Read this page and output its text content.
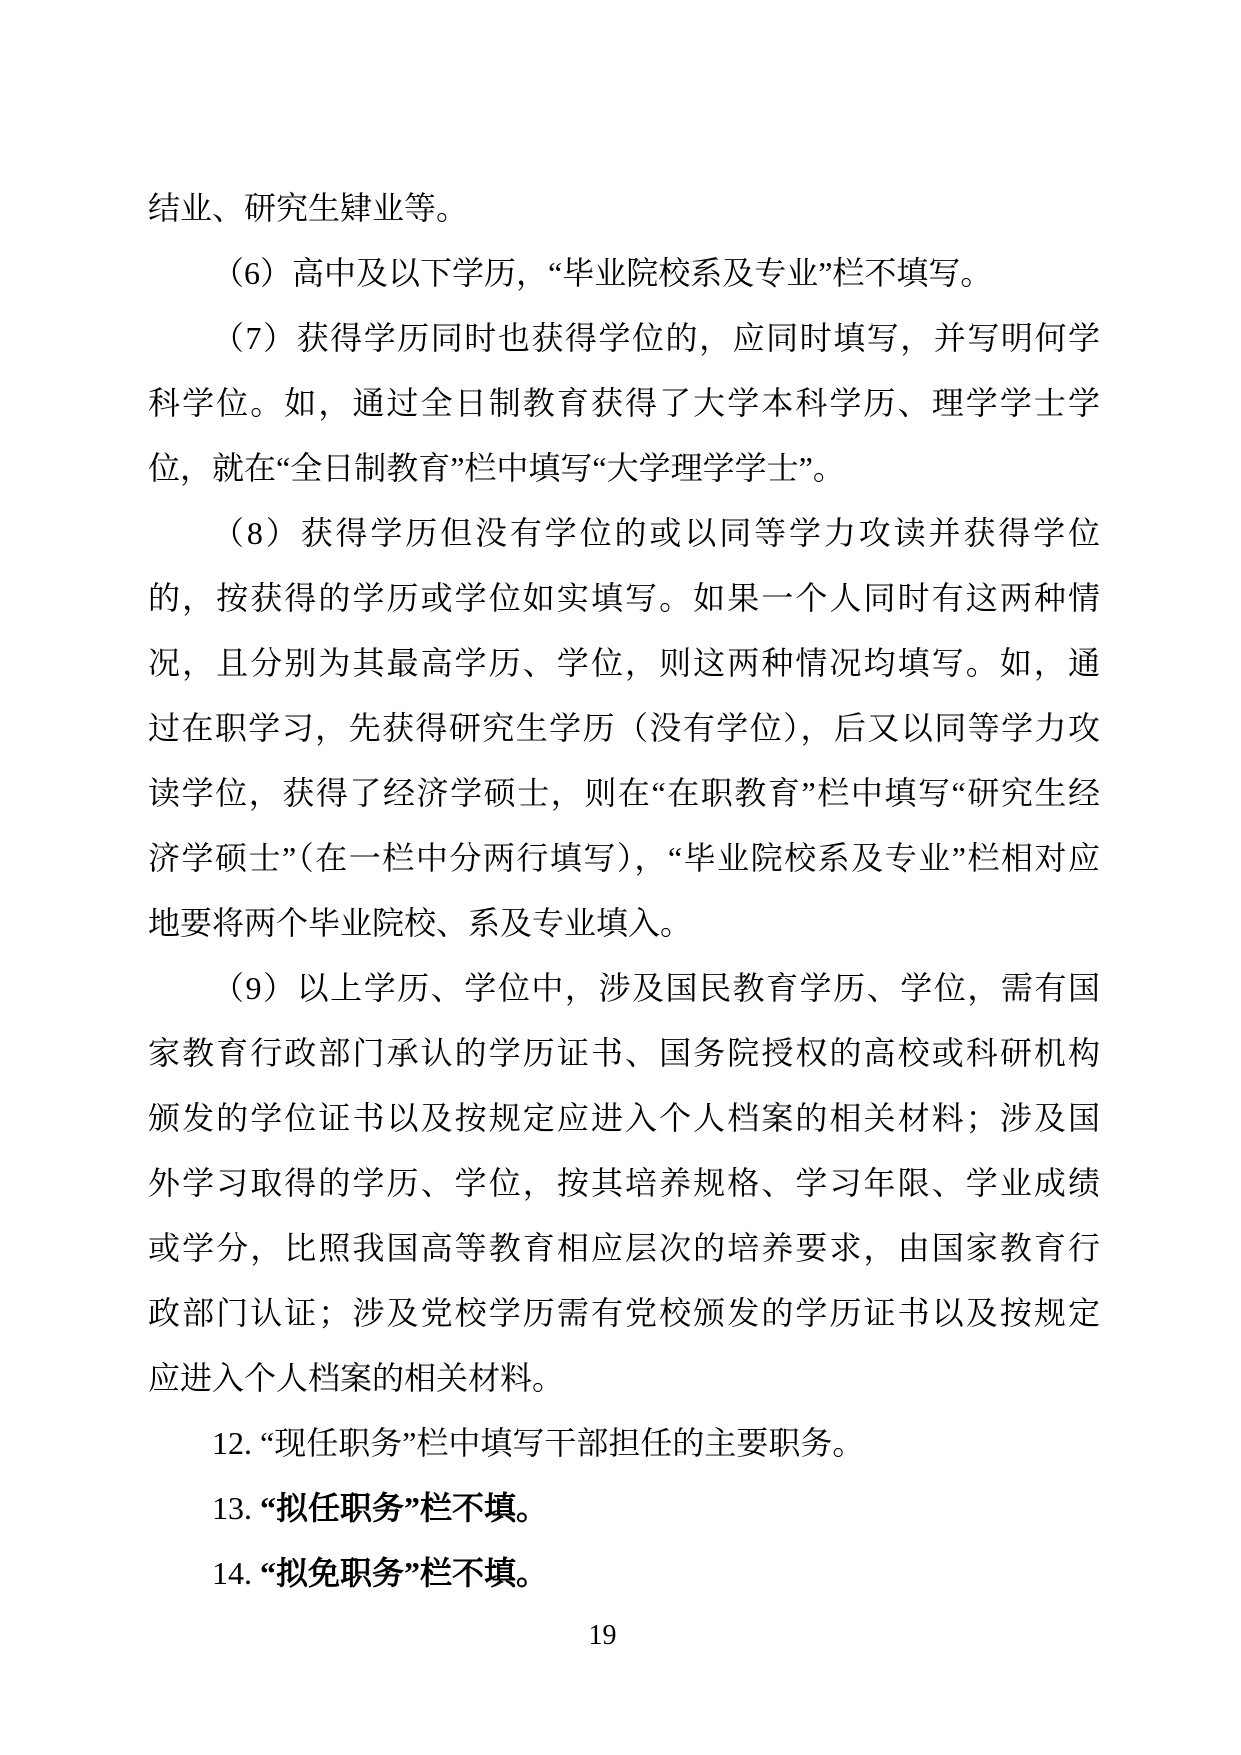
结业、研究生肄业等。
（6）高中及以下学历，“毕业院校系及专业”栏不填写。
（7）获得学历同时也获得学位的，应同时填写，并写明何学
科学位。如，通过全日制教育获得了大学本科学历、理学学士学
位，就在“全日制教育”栏中填写“大学理学学士”。
（8）获得学历但没有学位的或以同等学力攻读并获得学位
的，按获得的学历或学位如实填写。如果一个人同时有这两种情
况，且分别为其最高学历、学位，则这两种情况均填写。如，通
过在职学习，先获得研究生学历（没有学位），后又以同等学力攻
读学位，获得了经济学硕士，则在“在职教育”栏中填写“研究生经
济学硕士”（在一栏中分两行填写），“毕业院校系及专业”栏相对应
地要将两个毕业院校、系及专业填入。
（9）以上学历、学位中，涉及国民教育学历、学位，需有国
家教育行政部门承认的学历证书、国务院授权的高校或科研机构
颁发的学位证书以及按规定应进入个人档案的相关材料；涉及国
外学习取得的学历、学位，按其培养规格、学习年限、学业成绩
或学分，比照我国高等教育相应层次的培养要求，由国家教育行
政部门认证；涉及党校学历需有党校颁发的学历证书以及按规定
应进入个人档案的相关材料。
12. “现任职务”栏中填写干部担任的主要职务。
13. “拟任职务”栏不填。
14. “拟免职务”栏不填。
19
